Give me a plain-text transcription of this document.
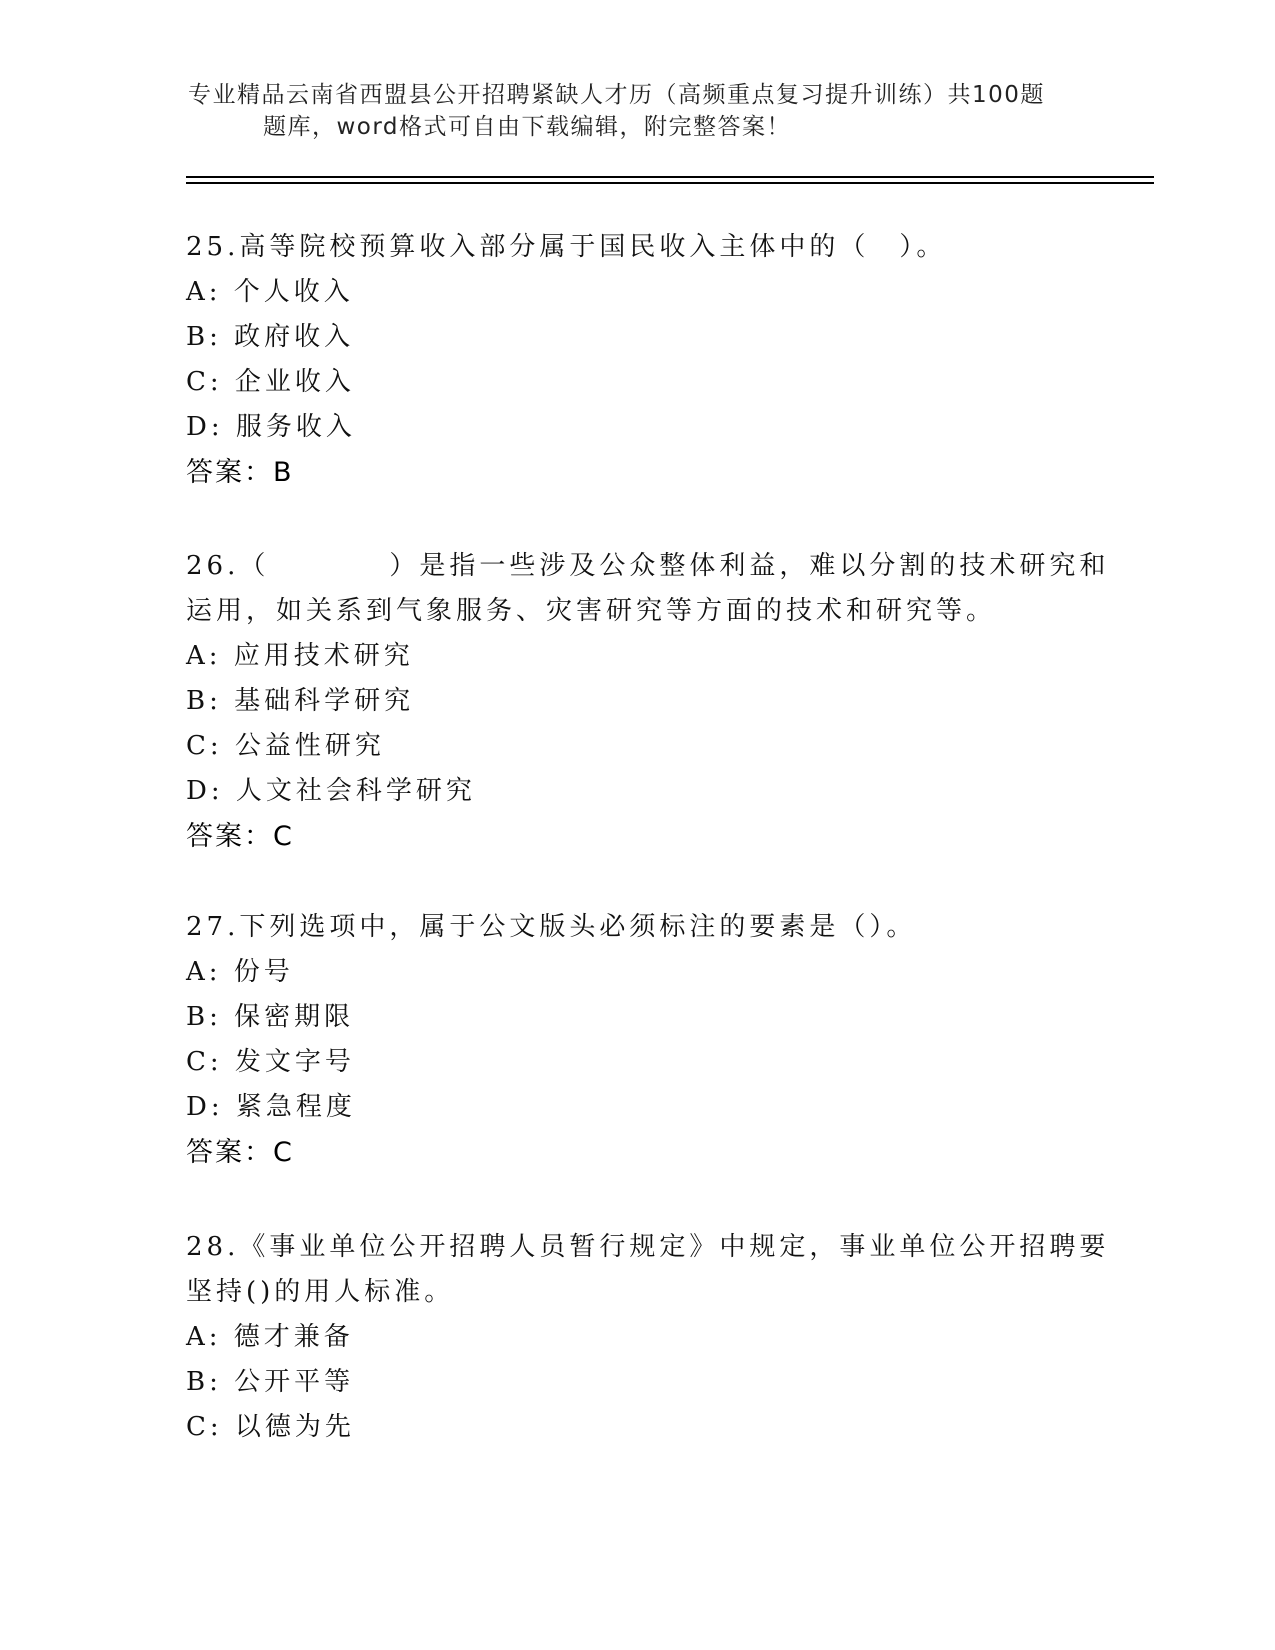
专业精品云南省西盟县公开招聘紧缺人才历（高频重点复习提升训练）共100题
题库，word格式可自由下载编辑，附完整答案！
25.高等院校预算收入部分属于国民收入主体中的（　）。
A: 个人收入
B: 政府收入
C: 企业收入
D: 服务收入
答案：B
26.（　　　　）是指一些涉及公众整体利益，难以分割的技术研究和
运用，如关系到气象服务、灾害研究等方面的技术和研究等。
A: 应用技术研究
B: 基础科学研究
C: 公益性研究
D: 人文社会科学研究
答案：C
27.下列选项中，属于公文版头必须标注的要素是（）。
A: 份号
B: 保密期限
C: 发文字号
D: 紧急程度
答案：C
28.《事业单位公开招聘人员暂行规定》中规定，事业单位公开招聘要
坚持()的用人标准。
A: 德才兼备
B: 公开平等
C: 以德为先
